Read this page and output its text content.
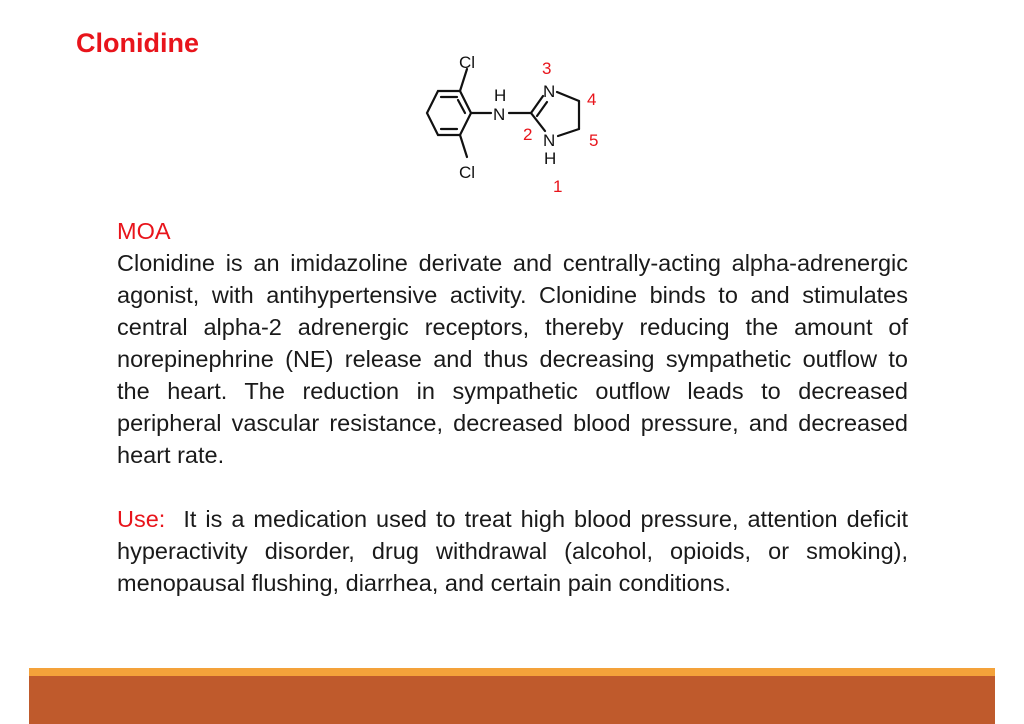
Clonidine
Cl
Cl
H
N
N
N
H
3
4
2	5
1
MOA

Clonidine is an imidazoline derivate and centrally-acting alpha-adrenergic agonist, with antihypertensive activity. Clonidine binds to and stimulates central alpha-2 adrenergic receptors, thereby reducing the amount of norepinephrine (NE) release and thus decreasing sympathetic outflow to the heart. The reduction in sympathetic outflow leads to decreased peripheral vascular resistance, decreased blood pressure, and decreased heart rate.

Use: It is a medication used to treat high blood pressure, attention deficit hyperactivity disorder, drug withdrawal (alcohol, opioids, or smoking), menopausal flushing, diarrhea, and certain pain conditions.
